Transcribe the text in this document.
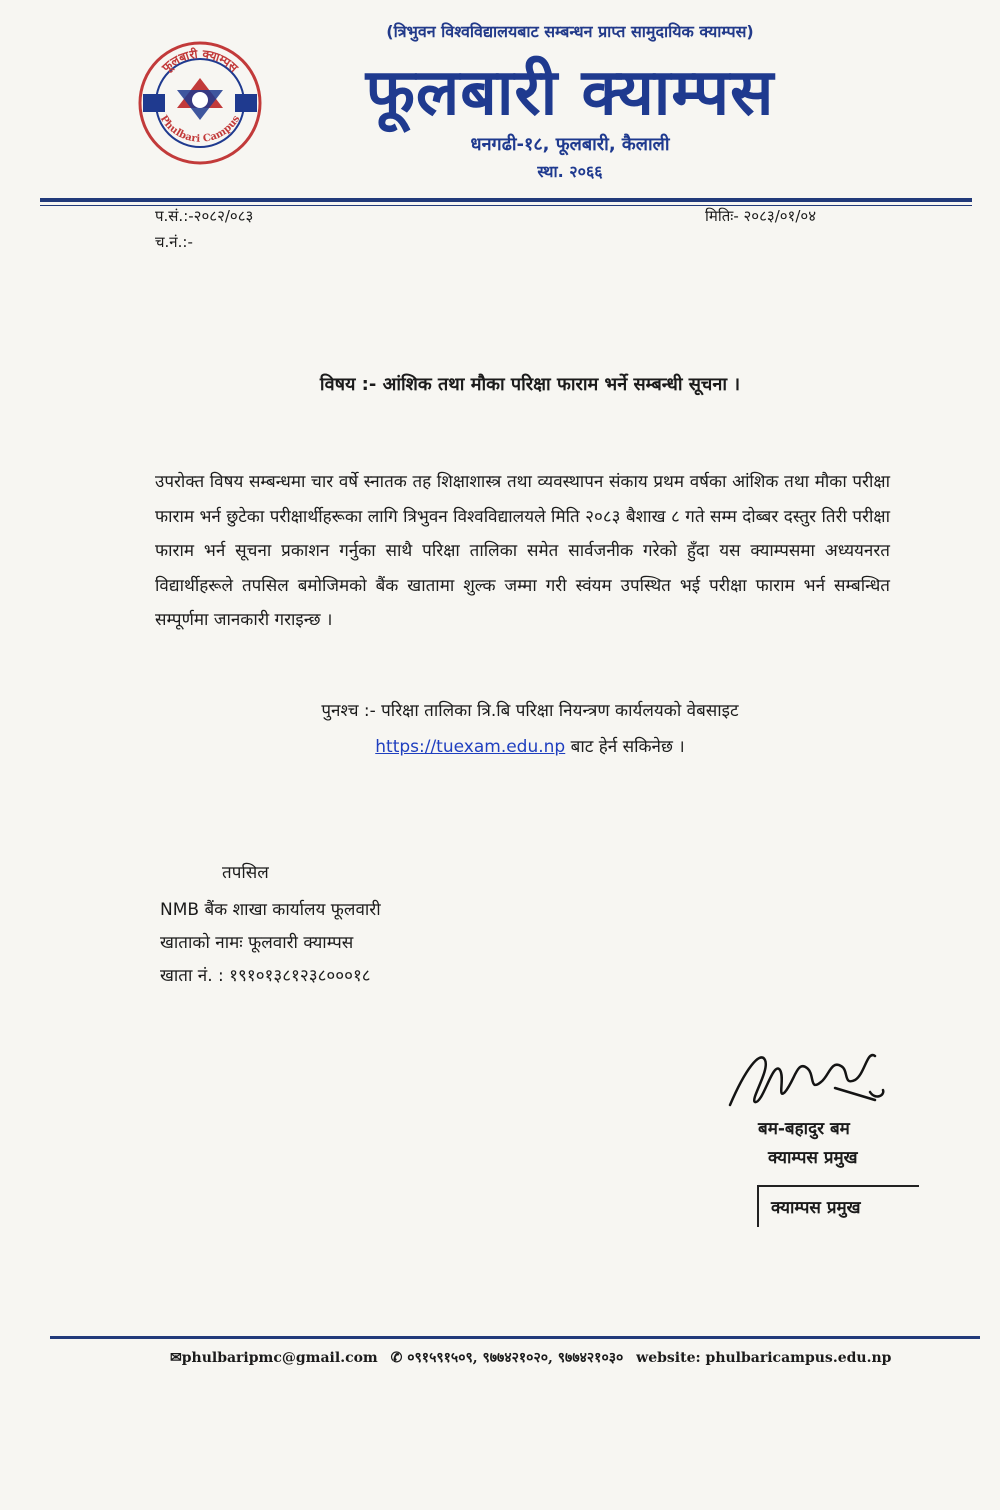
फूलबारी क्याम्पस
Phulbari Campus
(त्रिभुवन विश्वविद्यालयबाट सम्बन्धन प्राप्त सामुदायिक क्याम्पस)
फूलबारी क्याम्पस
धनगढी-१८, फूलबारी, कैलाली
स्था. २०६६
प.सं.:-२०८२/०८३
च.नं.:-
मितिः- २०८३/०१/०४
विषय :- आंशिक तथा मौका परिक्षा फाराम भर्ने सम्बन्धी सूचना ।
उपरोक्त विषय सम्बन्धमा चार वर्षे स्नातक तह शिक्षाशास्त्र तथा व्यवस्थापन संकाय प्रथम वर्षका आंशिक तथा मौका परीक्षा फाराम भर्न छुटेका परीक्षार्थीहरूका लागि त्रिभुवन विश्वविद्यालयले मिति २०८३ बैशाख ८ गते सम्म दोब्बर दस्तुर तिरी परीक्षा फाराम भर्न सूचना प्रकाशन गर्नुका साथै परिक्षा तालिका समेत सार्वजनीक गरेको हुँदा यस क्याम्पसमा अध्ययनरत विद्यार्थीहरूले तपसिल बमोजिमको बैंक खातामा शुल्क जम्मा गरी स्वंयम उपस्थित भई परीक्षा फाराम भर्न सम्बन्धित सम्पूर्णमा जानकारी गराइन्छ ।
पुनश्च :- परिक्षा तालिका त्रि.बि परिक्षा नियन्त्रण कार्यलयको वेबसाइट
https://tuexam.edu.np बाट हेर्न सकिनेछ ।
तपसिल
NMB बैंक शाखा कार्यालय फूलवारी
खाताको नामः फूलवारी क्याम्पस
खाता नं. : १९१०१३८१२३८०००१८
बम-बहादुर बम
क्याम्पस प्रमुख
क्याम्पस प्रमुख
✉phulbaripmc@gmail.com ✆ ०९१५९१५०९, ९७७४२१०२०, ९७७४२१०३० website: phulbaricampus.edu.np
